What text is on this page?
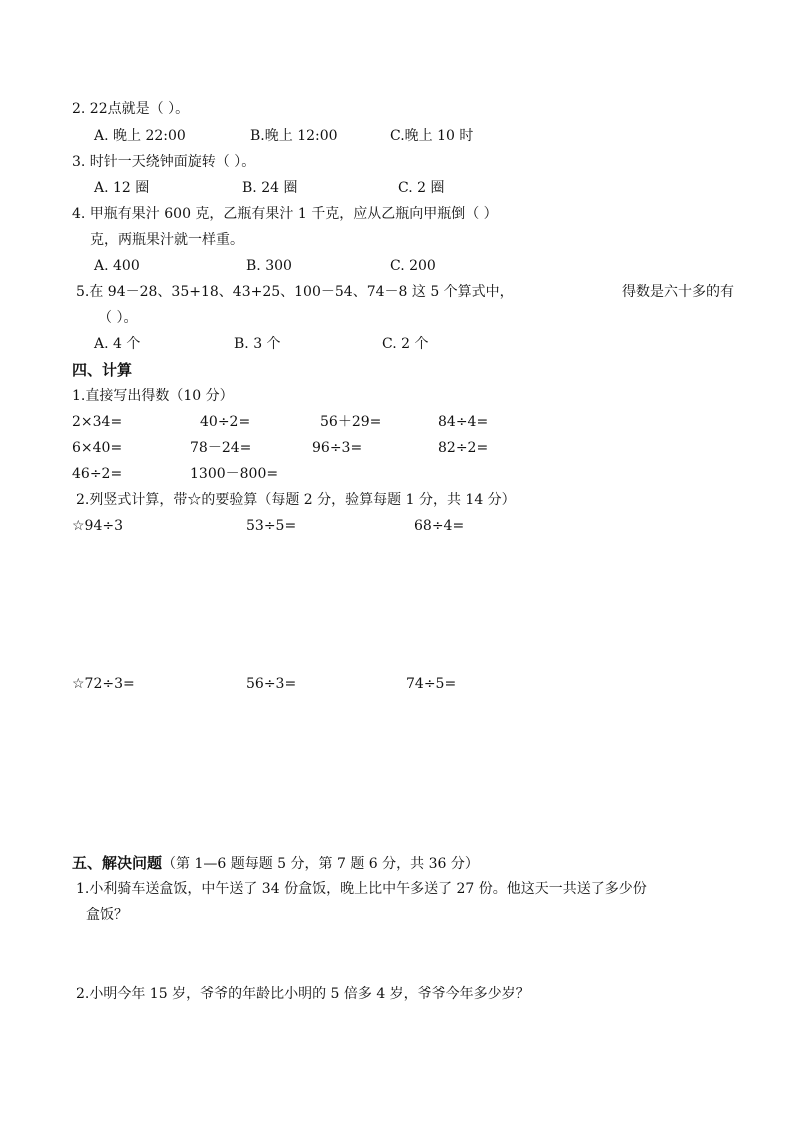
2. 22点就是（ ）。
A. 晚上 22:00	B.晚上 12:00	C.晚上 10 时
3. 时针一天绕钟面旋转（ ）。
A. 12 圈	B. 24 圈	C. 2 圈
4. 甲瓶有果汁 600 克，乙瓶有果汁 1 千克，应从乙瓶向甲瓶倒（ ）
克，两瓶果汁就一样重。
A. 400	B. 300	C. 200
5.在 94－28、35+18、43+25、100－54、74－8 这 5 个算式中，	得数是六十多的有
（ ）。
A. 4 个	B. 3 个	C. 2 个
四、计算
1.直接写出得数（10 分）
2×34=	40÷2=	56＋29=	84÷4=
6×40=	78－24=	96÷3=	82÷2=
46÷2=	1300－800=
2.列竖式计算，带☆的要验算（每题 2 分，验算每题 1 分，共 14 分）
☆94÷3	53÷5=	68÷4=
☆72÷3=	56÷3=	74÷5=
五、解决问题（第 1—6 题每题 5 分，第 7 题 6 分，共 36 分）
1.小利骑车送盒饭，中午送了 34 份盒饭，晚上比中午多送了 27 份。他这天一共送了多少份
盒饭？
2.小明今年 15 岁，爷爷的年龄比小明的 5 倍多 4 岁，爷爷今年多少岁？
